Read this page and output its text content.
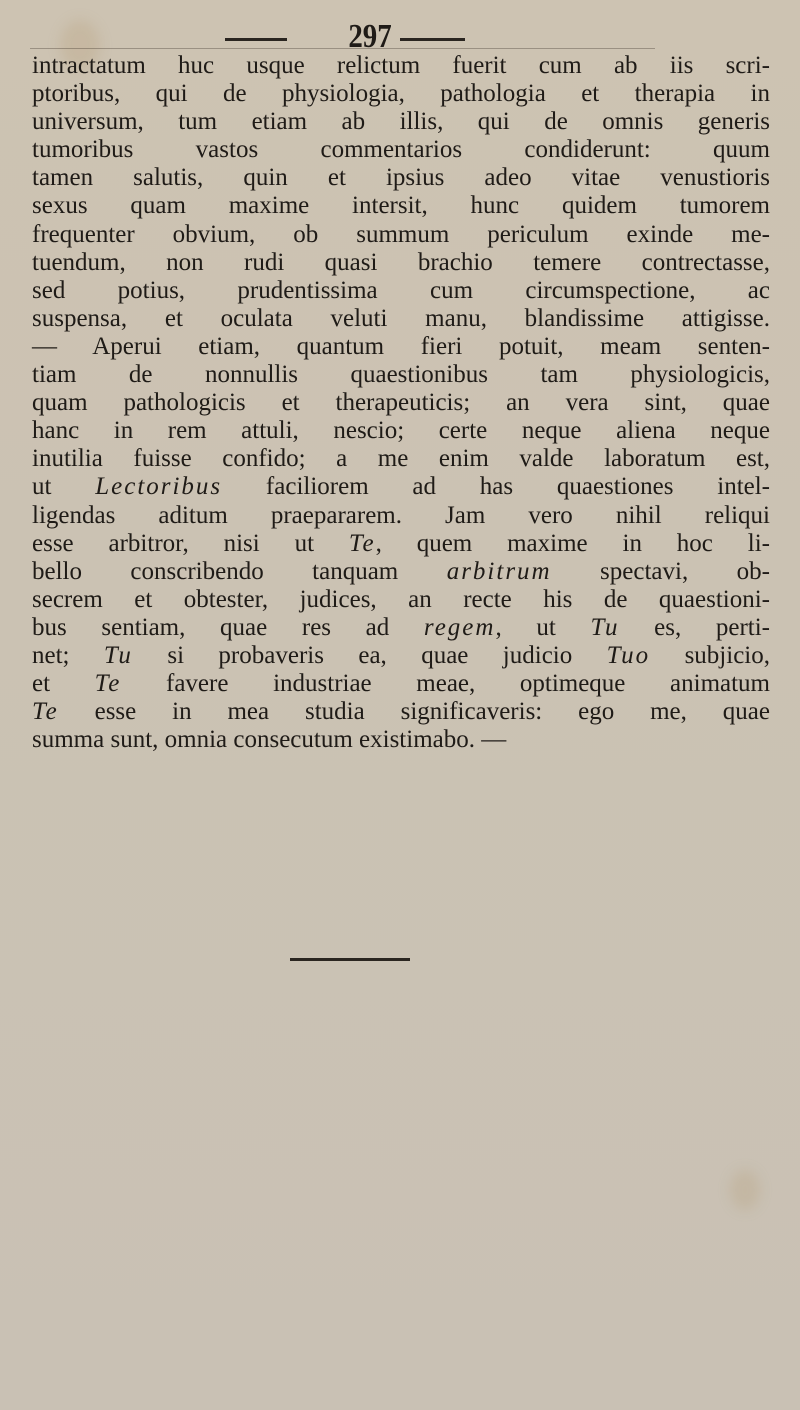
297
intractatum huc usque relictum fuerit cum ab iis scri-
ptoribus, qui de physiologia, pathologia et therapia in
universum, tum etiam ab illis, qui de omnis generis
tumoribus vastos commentarios condiderunt: quum
tamen salutis, quin et ipsius adeo vitae venustioris
sexus quam maxime intersit, hunc quidem tumorem
frequenter obvium, ob summum periculum exinde me-
tuendum, non rudi quasi brachio temere contrectasse,
sed potius, prudentissima cum circumspectione, ac
suspensa, et oculata veluti manu, blandissime attigisse.
— Aperui etiam, quantum fieri potuit, meam senten-
tiam de nonnullis quaestionibus tam physiologicis,
quam pathologicis et therapeuticis; an vera sint, quae
hanc in rem attuli, nescio; certe neque aliena neque
inutilia fuisse confido; a me enim valde laboratum est,
ut Lectoribus faciliorem ad has quaestiones intel-
ligendas aditum praepararem. Jam vero nihil reliqui
esse arbitror, nisi ut Te, quem maxime in hoc li-
bello conscribendo tanquam arbitrum spectavi, ob-
secrem et obtester, judices, an recte his de quaestioni-
bus sentiam, quae res ad regem, ut Tu es, perti-
net; Tu si probaveris ea, quae judicio Tuo subjicio,
et Te favere industriae meae, optimeque animatum
Te esse in mea studia significaveris: ego me, quae
summa sunt, omnia consecutum existimabo. —
